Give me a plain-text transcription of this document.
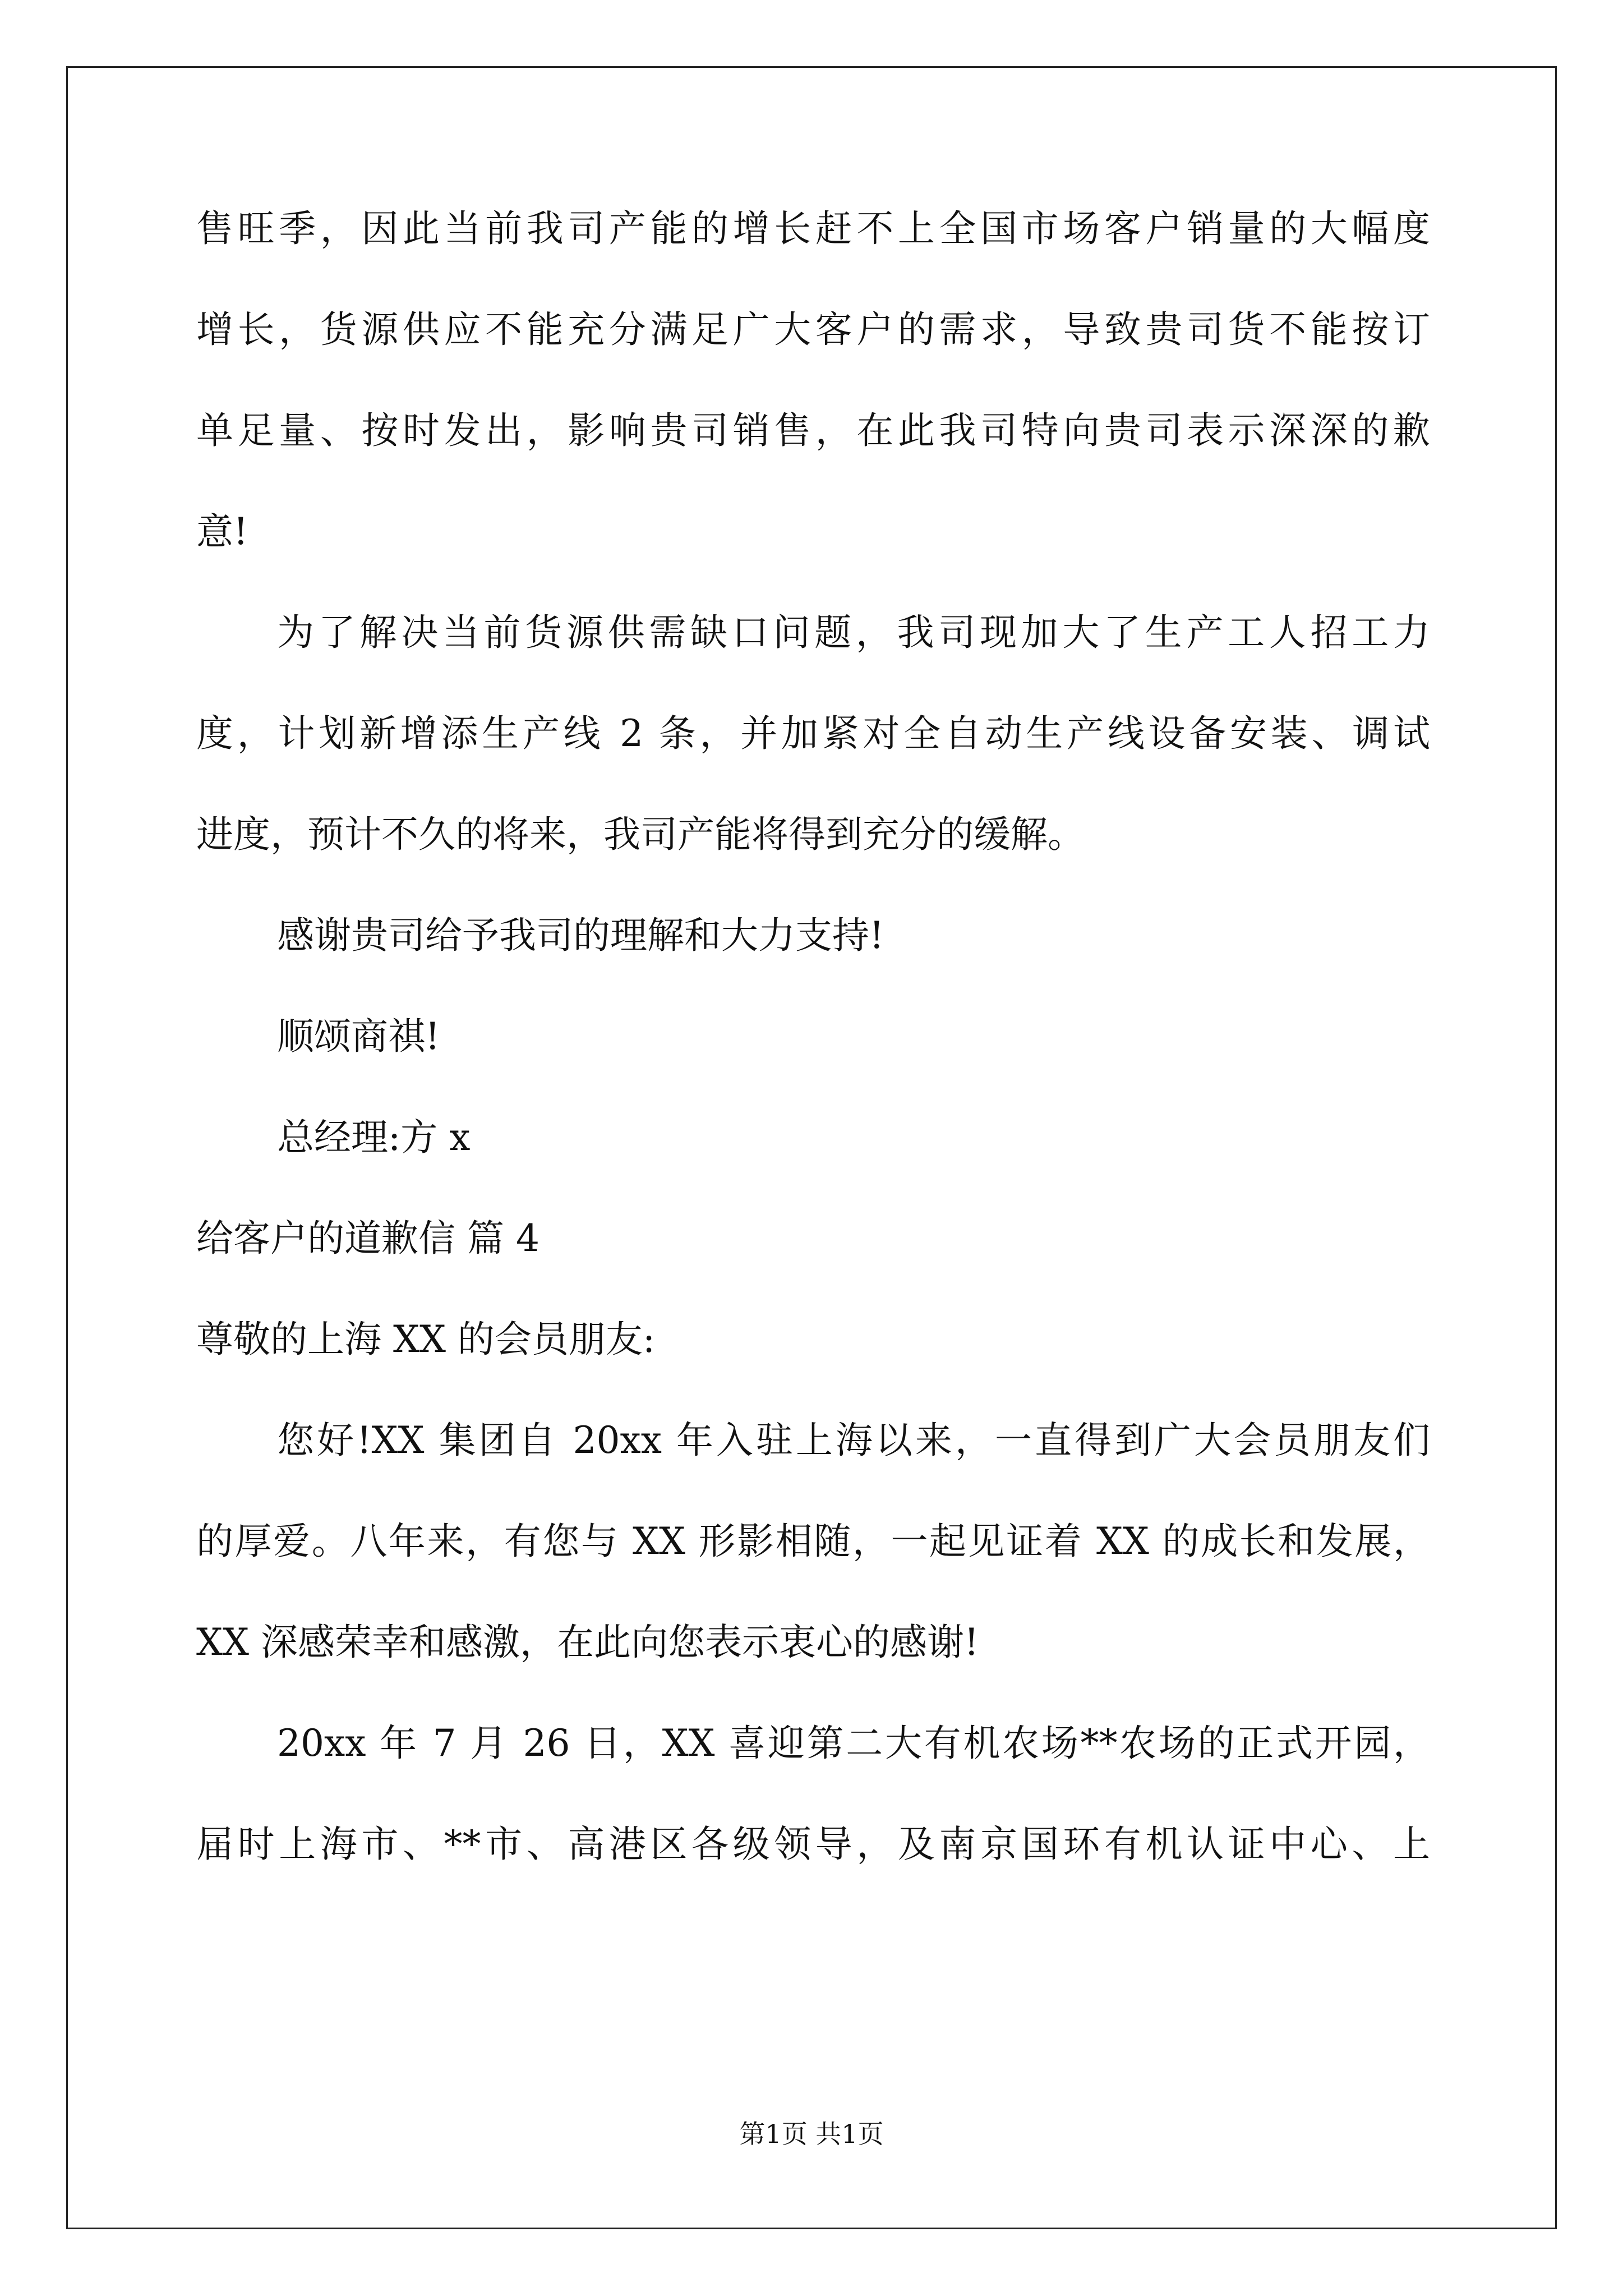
售旺季，因此当前我司产能的增长赶不上全国市场客户销量的大幅度
增长，货源供应不能充分满足广大客户的需求，导致贵司货不能按订
单足量、按时发出，影响贵司销售，在此我司特向贵司表示深深的歉
意!
为了解决当前货源供需缺口问题，我司现加大了生产工人招工力
度，计划新增添生产线 2 条，并加紧对全自动生产线设备安装、调试
进度，预计不久的将来，我司产能将得到充分的缓解。
感谢贵司给予我司的理解和大力支持!
顺颂商祺!
总经理:方 x
给客户的道歉信 篇 4
尊敬的上海 XX 的会员朋友:
您好!XX 集团自 20xx 年入驻上海以来，一直得到广大会员朋友们
的厚爱。八年来，有您与 XX 形影相随，一起见证着 XX 的成长和发展，
XX 深感荣幸和感激，在此向您表示衷心的感谢!
20xx 年 7 月 26 日，XX 喜迎第二大有机农场**农场的正式开园，
届时上海市、**市、高港区各级领导，及南京国环有机认证中心、上
第1页 共1页
